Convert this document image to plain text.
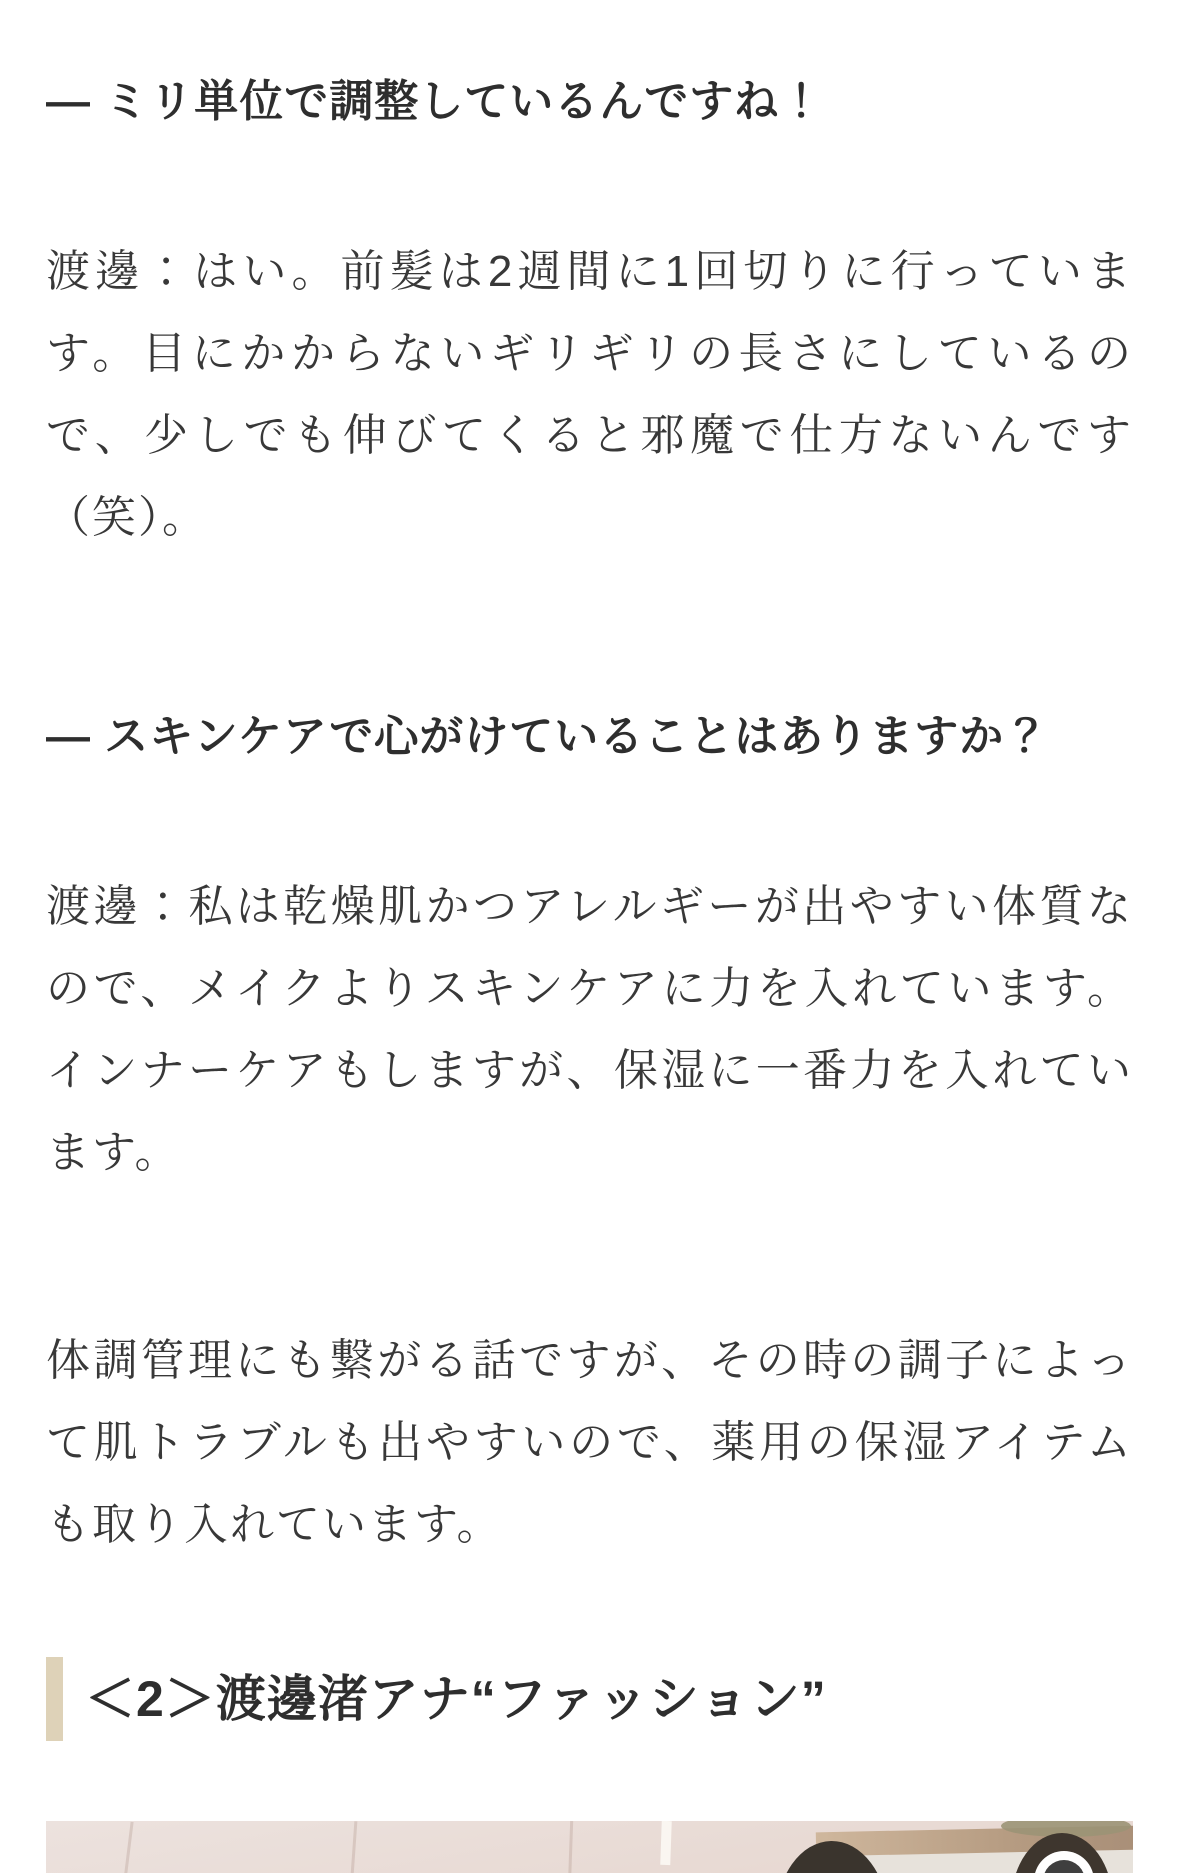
― ミリ単位で調整しているんですね！

渡邊：はい。前髪は2週間に1回切りに行っています。目にかからないギリギリの長さにしているので、少しでも伸びてくると邪魔で仕方ないんです（笑）。

― スキンケアで心がけていることはありますか？

渡邊：私は乾燥肌かつアレルギーが出やすい体質なので、メイクよりスキンケアに力を入れています。インナーケアもしますが、保湿に一番力を入れています。

体調管理にも繋がる話ですが、その時の調子によって肌トラブルも出やすいので、薬用の保湿アイテムも取り入れています。

＜2＞渡邊渚アナ“ファッション”
